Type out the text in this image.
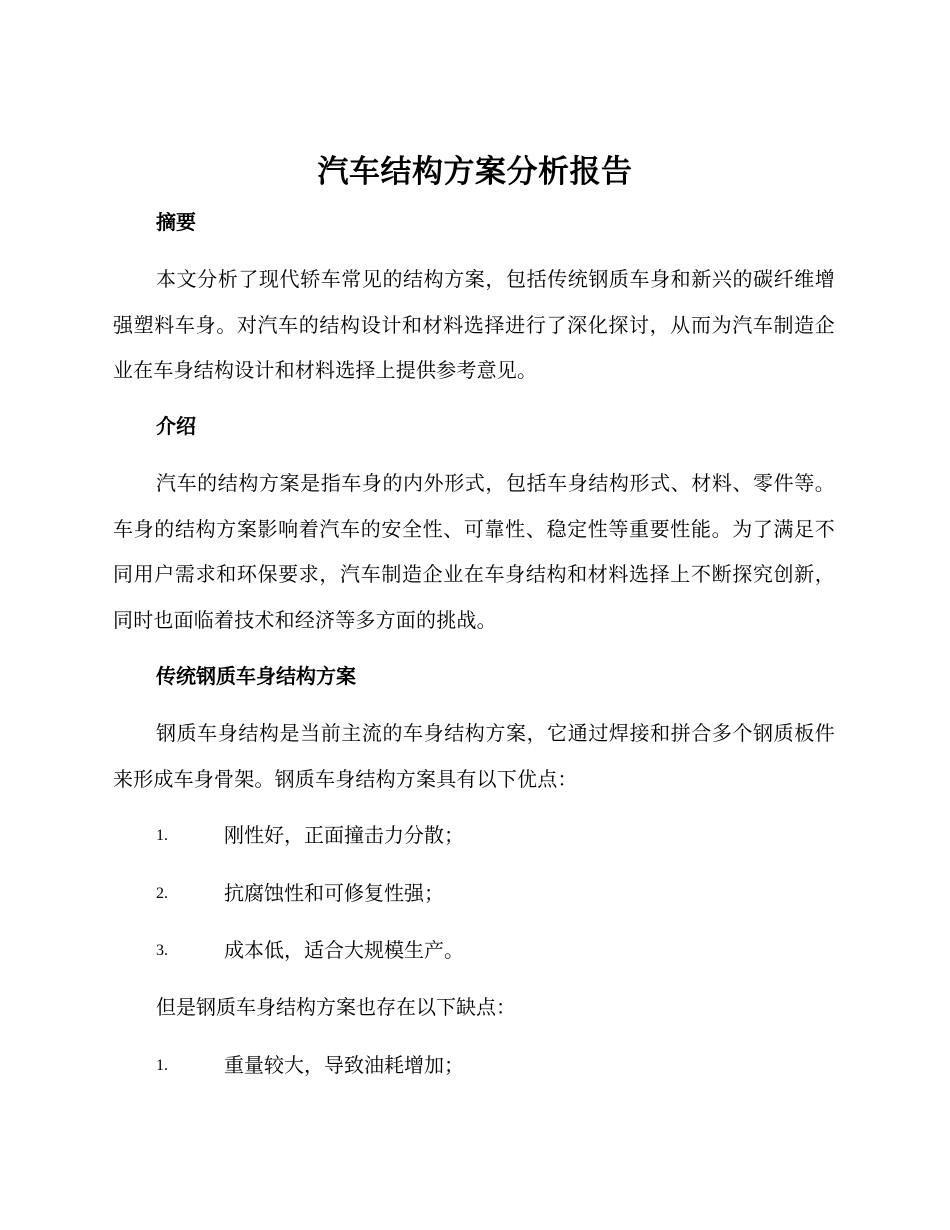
汽车结构方案分析报告
摘要
本文分析了现代轿车常见的结构方案，包括传统钢质车身和新兴的碳纤维增强塑料车身。对汽车的结构设计和材料选择进行了深化探讨，从而为汽车制造企业在车身结构设计和材料选择上提供参考意见。
介绍
汽车的结构方案是指车身的内外形式，包括车身结构形式、材料、零件等。车身的结构方案影响着汽车的安全性、可靠性、稳定性等重要性能。为了满足不同用户需求和环保要求，汽车制造企业在车身结构和材料选择上不断探究创新，同时也面临着技术和经济等多方面的挑战。
传统钢质车身结构方案
钢质车身结构是当前主流的车身结构方案，它通过焊接和拼合多个钢质板件来形成车身骨架。钢质车身结构方案具有以下优点：
1.	刚性好，正面撞击力分散；
2.	抗腐蚀性和可修复性强；
3.	成本低，适合大规模生产。
但是钢质车身结构方案也存在以下缺点：
1.	重量较大，导致油耗增加；
